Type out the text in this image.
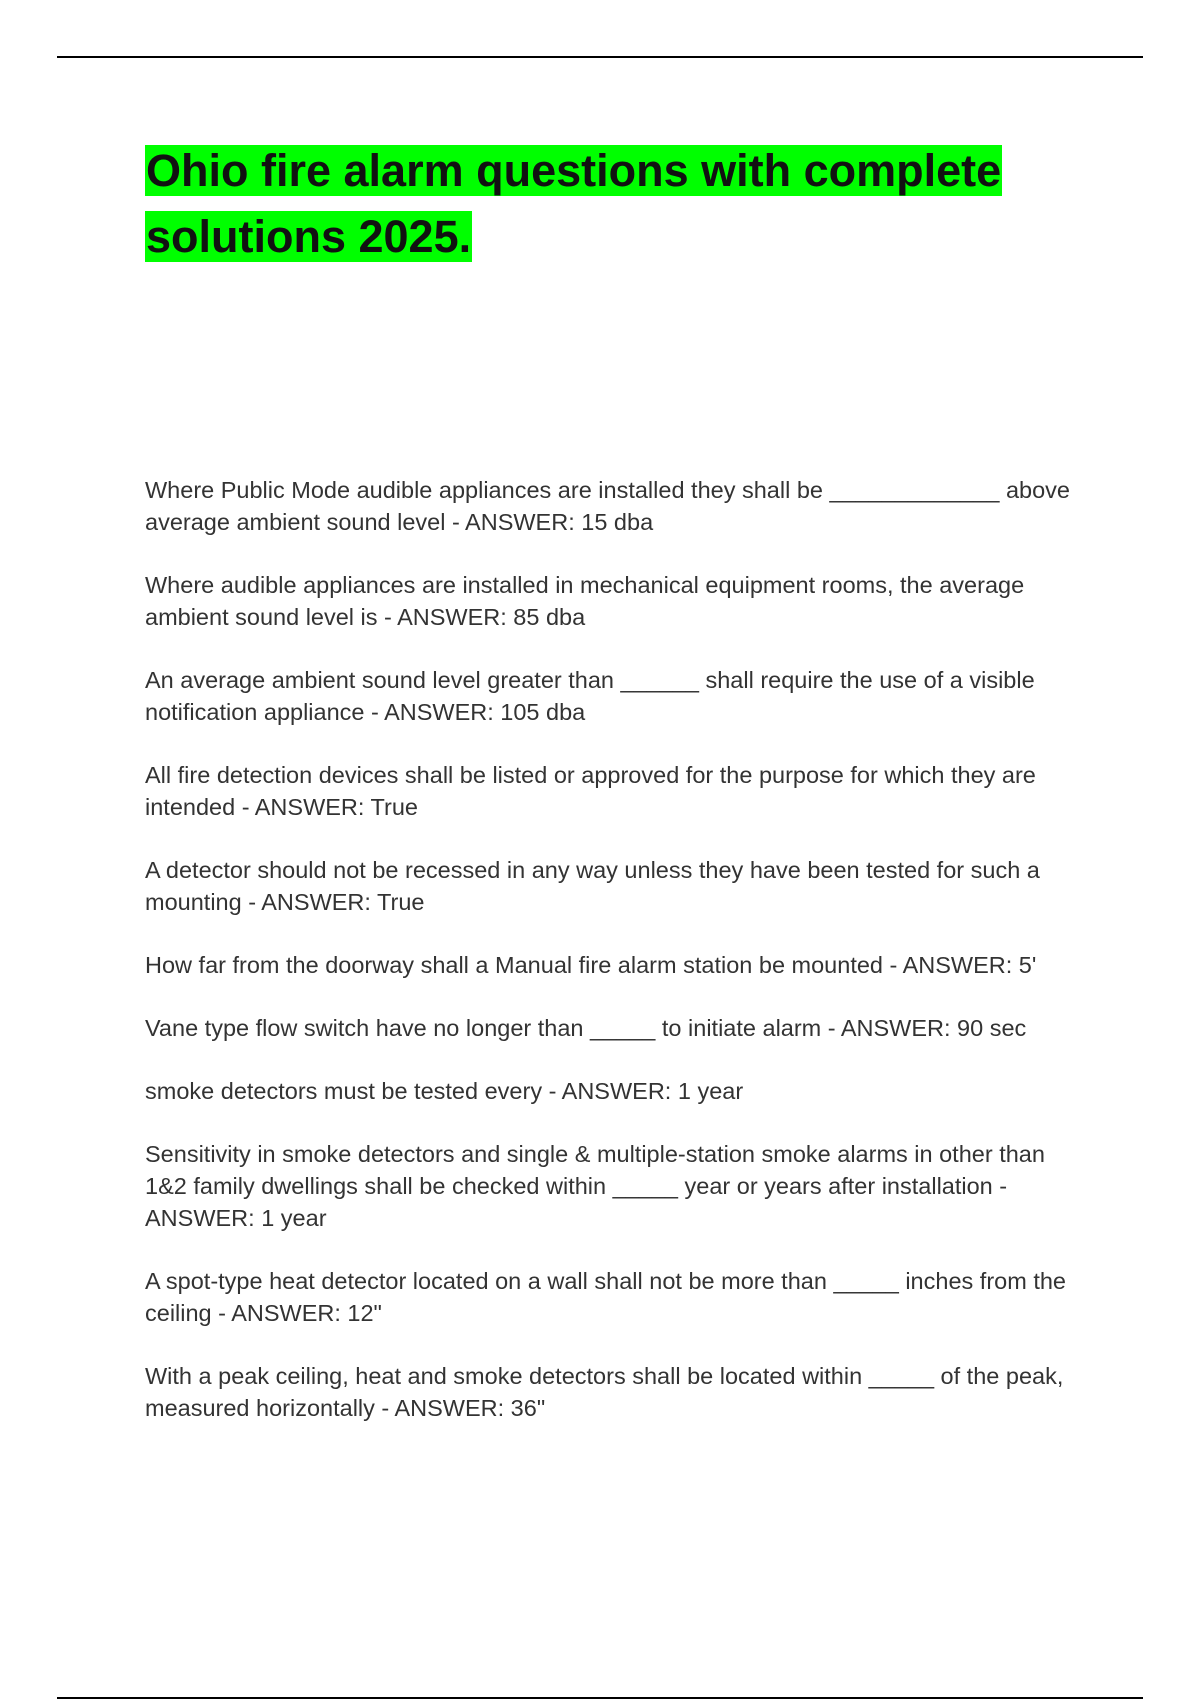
Ohio fire alarm questions with complete solutions 2025.
Where Public Mode audible appliances are installed they shall be _____________ above average ambient sound level - ANSWER: 15 dba
Where audible appliances are installed in mechanical equipment rooms, the average ambient sound level is - ANSWER: 85 dba
An average ambient sound level greater than ______ shall require the use of a visible notification appliance - ANSWER: 105 dba
All fire detection devices shall be listed or approved for the purpose for which they are intended - ANSWER: True
A detector should not be recessed in any way unless they have been tested for such a mounting - ANSWER: True
How far from the doorway shall a Manual fire alarm station be mounted - ANSWER: 5'
Vane type flow switch have no longer than _____ to initiate alarm - ANSWER: 90 sec
smoke detectors must be tested every - ANSWER: 1 year
Sensitivity in smoke detectors and single & multiple-station smoke alarms in other than 1&2 family dwellings shall be checked within _____ year or years after installation - ANSWER: 1 year
A spot-type heat detector located on a wall shall not be more than _____ inches from the ceiling - ANSWER: 12"
With a peak ceiling, heat and smoke detectors shall be located within _____ of the peak, measured horizontally - ANSWER: 36"
